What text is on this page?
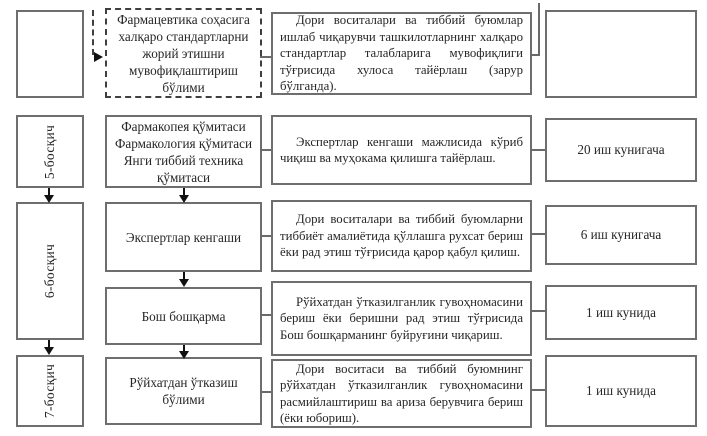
5-босқич
6-босқич
7-босқич
Фармацевтика соҳасига халқаро стандартларни жорий этишни мувофиқлаштириш бўлими
Фармакопея қўмитаси Фармакология қўмитаси Янги тиббий техника қўмитаси
Экспертлар кенгаши
Бош бошқарма
Рўйхатдан ўтказиш бўлими
Дори воситалари ва тиббий буюмлар ишлаб чиқарувчи ташкилотларнинг халқаро стандартлар талабларига мувофиқлиги тўғрисида хулоса тайёрлаш (зарур бўлганда).
Экспертлар кенгаши мажлисида кўриб чиқиш ва муҳокама қилишга тайёрлаш.
Дори воситалари ва тиббий буюмларни тиббиёт амалиётида қўллашга рухсат бериш ёки рад этиш тўғрисида қарор қабул қилиш.
Рўйхатдан ўтказилганлик гувоҳномасини бериш ёки беришни рад этиш тўғрисида Бош бошқарманинг буйруғини чиқариш.
Дори воситаси ва тиббий буюмнинг рўйхатдан ўтказилганлик гувоҳномасини расмийлаштириш ва ариза берувчига бериш (ёки юбориш).
20 иш кунигача
6 иш кунигача
1 иш кунида
1 иш кунида
